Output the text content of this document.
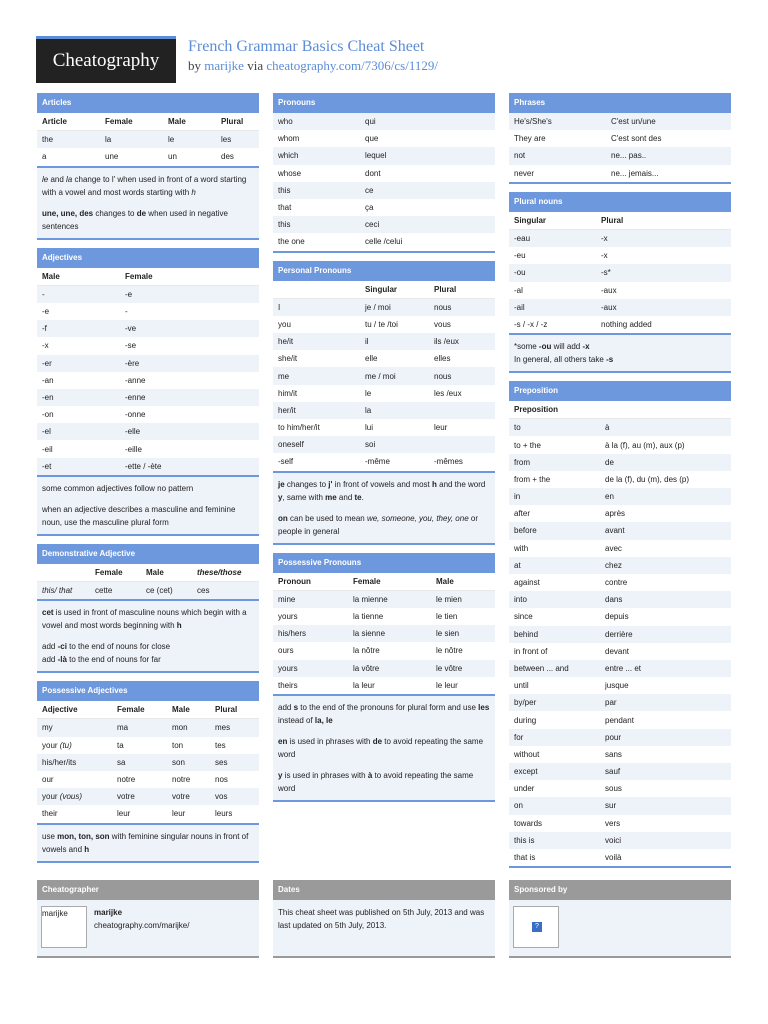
Cheatography
French Grammar Basics Cheat Sheet
by marijke via cheatography.com/7306/cs/1129/
Articles
Article	Female	Male	Plural
the	la	le	les
a	une	un	des

le and la change to l' when used in front of a word starting with a vowel and most words starting with h

une, une, des changes to de when used in negative sentences

Adjectives
Male	Female
-	-e
-e	-
-f	-ve
-x	-se
-er	-ère
-an	-anne
-en	-enne
-on	-onne
-el	-elle
-eil	-eille
-et	-ette / -ète

some common adjectives follow no pattern

when an adjective describes a masculine and feminine noun, use the masculine plural form

Demonstrative Adjective
	Female	Male	these/those
this/ that	cette	ce (cet)	ces

cet is used in front of masculine nouns which begin with a vowel and most words beginning with h

add -ci to the end of nouns for close

add -là to the end of nouns for far

Possessive Adjectives
Adjective	Female	Male	Plural
my	ma	mon	mes
your (tu)	ta	ton	tes
his/her/its	sa	son	ses
our	notre	notre	nos
your (vous)	votre	votre	vos
their	leur	leur	leurs

use mon, ton, son with feminine singular nouns in front of vowels and h

Pronouns
who	qui
whom	que
which	lequel
whose	dont
this	ce
that	ça
this	ceci
the one	celle /celui
Personal Pronouns
	Singular	Plural
I	je / moi	nous
you	tu / te /toi	vous
he/it	il	ils /eux
she/it	elle	elles
me	me / moi	nous
him/it	le	les /eux
her/it	la	
to him/her/it	lui	leur
oneself	soi	
-self	-même	-mêmes

je changes to j' in front of vowels and most h and the word y, same with me and te.

on can be used to mean we, someone, you, they, one or people in general

Possessive Pronouns
Pronoun	Female	Male
mine	la mienne	le mien
yours	la tienne	le tien
his/hers	la sienne	le sien
ours	la nôtre	le nôtre
yours	la vôtre	le vôtre
theirs	la leur	le leur

add s to the end of the pronouns for plural form and use les instead of la, le

en is used in phrases with de to avoid repeating the same word

y is used in phrases with à to avoid repeating the same word

Phrases
He's/She's	C'est un/une
They are	C'est sont des
not	ne... pas..
never	ne... jemais...
Plural nouns
Singular	Plural
-eau	-x
-eu	-x
-ou	-s*
-al	-aux
-ail	-aux
-s / -x / -z	nothing added

*some -ou will add -x

In general, all others take -s

Preposition
Preposition	
to	à
to + the	à la (f), au (m), aux (p)
from	de
from + the	de la (f), du (m), des (p)
in	en
after	après
before	avant
with	avec
at	chez
against	contre
into	dans
since	depuis
behind	derrière
in front of	devant
between ... and	entre ... et
until	jusque
by/per	par
during	pendant
for	pour
without	sans
except	sauf
under	sous
on	sur
towards	vers
this is	voici
that is	voilà
Cheatographer
marijke	marijke
cheatography.com/marijke/
Dates
This cheat sheet was published on 5th July, 2013 and was last updated on 5th July, 2013.
Sponsored by
?
